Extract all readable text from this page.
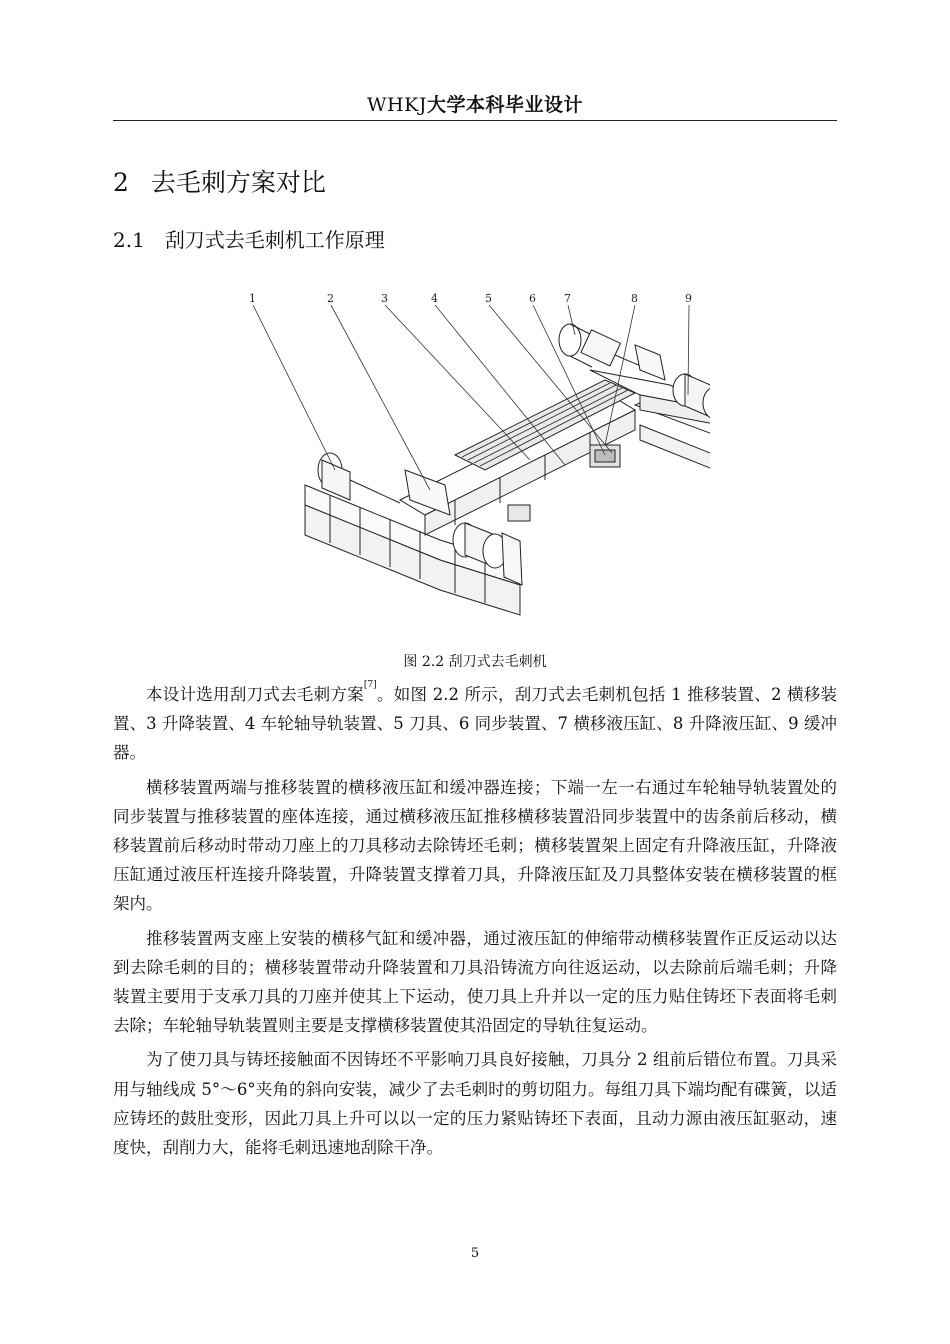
WHKJ大学本科毕业设计
2 去毛刺方案对比
2.1 刮刀式去毛刺机工作原理
1	2	3	4	5	6	7	8	9
图 2.2 刮刀式去毛刺机

本设计选用刮刀式去毛刺方案[7]。如图 2.2 所示，刮刀式去毛刺机包括 1 推移装置、2 横移装置、3 升降装置、4 车轮轴导轨装置、5 刀具、6 同步装置、7 横移液压缸、8 升降液压缸、9 缓冲器。

横移装置两端与推移装置的横移液压缸和缓冲器连接；下端一左一右通过车轮轴导轨装置处的同步装置与推移装置的座体连接，通过横移液压缸推移横移装置沿同步装置中的齿条前后移动，横移装置前后移动时带动刀座上的刀具移动去除铸坯毛刺；横移装置架上固定有升降液压缸，升降液压缸通过液压杆连接升降装置，升降装置支撑着刀具，升降液压缸及刀具整体安装在横移装置的框架内。

推移装置两支座上安装的横移气缸和缓冲器，通过液压缸的伸缩带动横移装置作正反运动以达到去除毛刺的目的；横移装置带动升降装置和刀具沿铸流方向往返运动，以去除前后端毛刺；升降装置主要用于支承刀具的刀座并使其上下运动，使刀具上升并以一定的压力贴住铸坯下表面将毛刺去除；车轮轴导轨装置则主要是支撑横移装置使其沿固定的导轨往复运动。

为了使刀具与铸坯接触面不因铸坯不平影响刀具良好接触，刀具分 2 组前后错位布置。刀具采用与轴线成 5°～6°夹角的斜向安装，减少了去毛刺时的剪切阻力。每组刀具下端均配有碟簧，以适应铸坯的鼓肚变形，因此刀具上升可以以一定的压力紧贴铸坯下表面，且动力源由液压缸驱动，速度快，刮削力大，能将毛刺迅速地刮除干净。

5
